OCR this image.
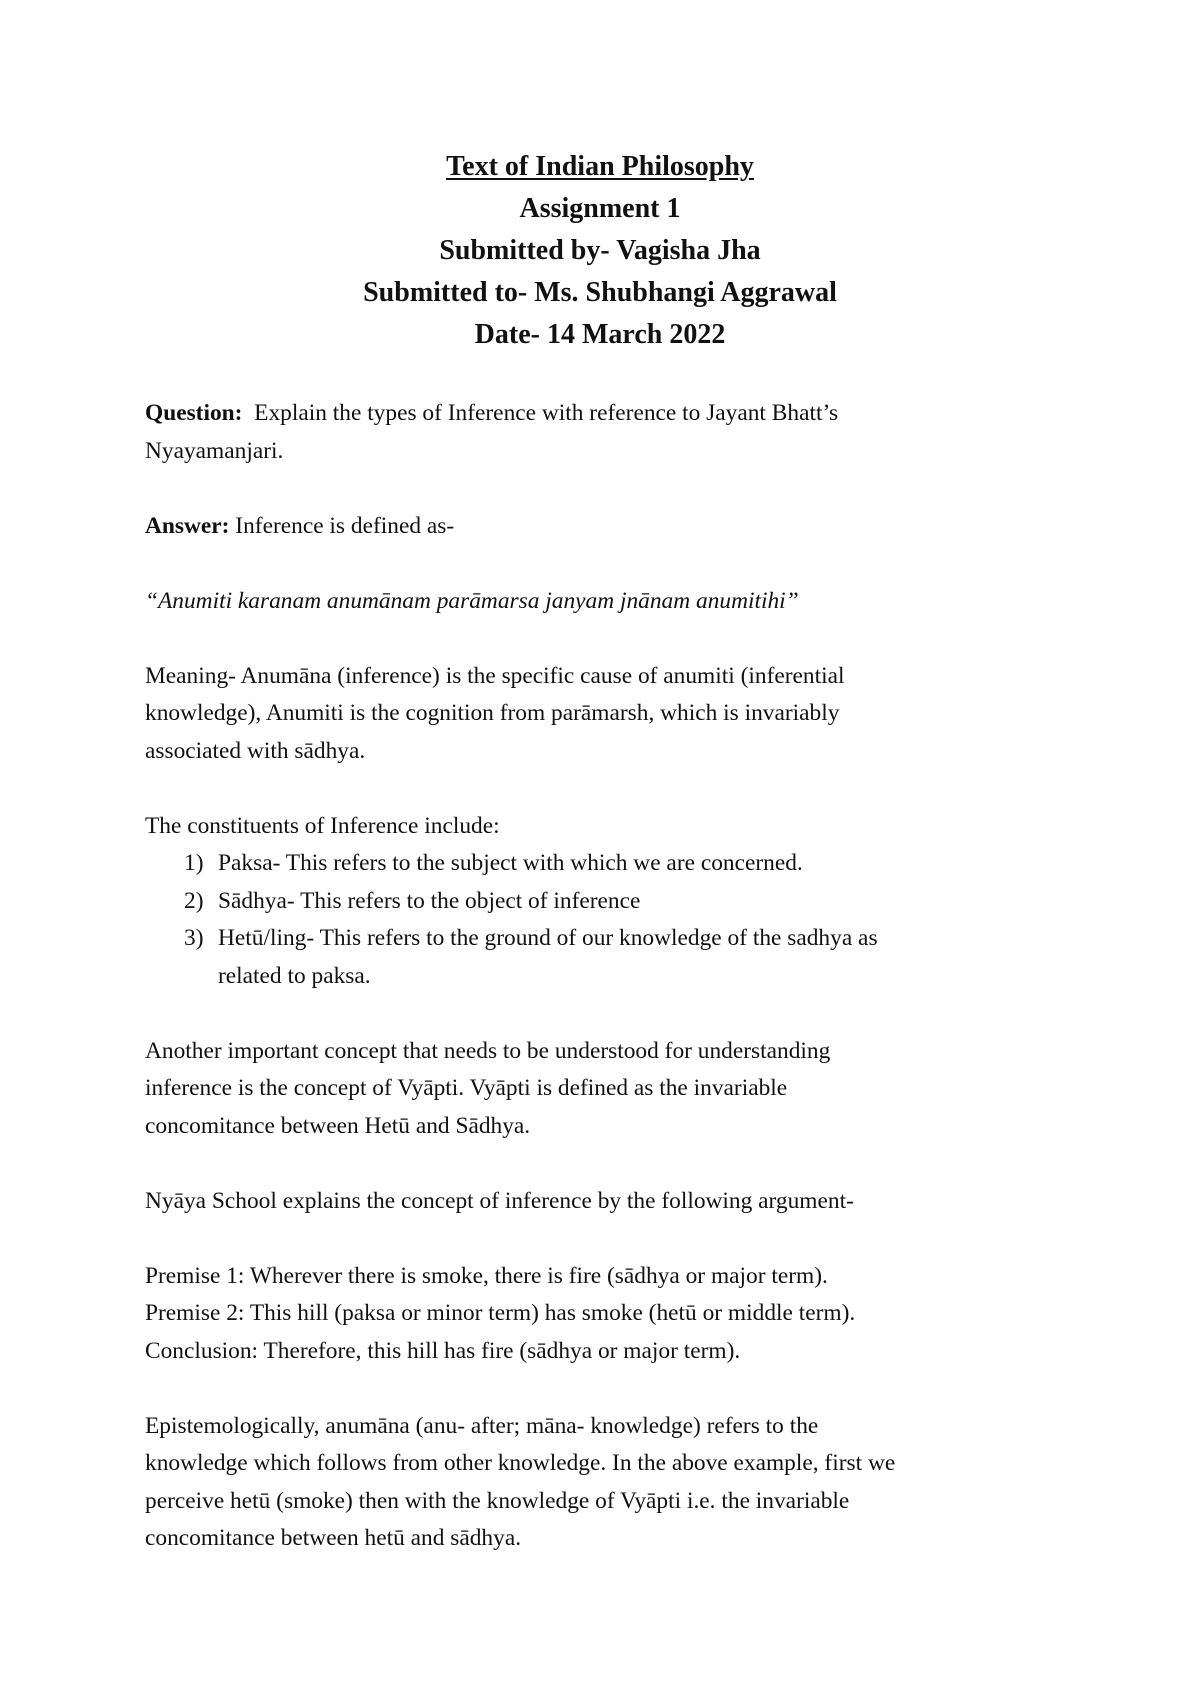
Text of Indian Philosophy
Assignment 1
Submitted by- Vagisha Jha
Submitted to- Ms. Shubhangi Aggrawal
Date- 14 March 2022
Question:  Explain the types of Inference with reference to Jayant Bhatt’s
Nyayamanjari.
Answer: Inference is defined as-
“Anumiti karanam anumānam parāmarsa janyam jnānam anumitihi”
Meaning- Anumāna (inference) is the specific cause of anumiti (inferential
knowledge), Anumiti is the cognition from parāmarsh, which is invariably
associated with sādhya.
The constituents of Inference include:
1) Paksa- This refers to the subject with which we are concerned.
2) Sādhya- This refers to the object of inference
3) Hetū/ling- This refers to the ground of our knowledge of the sadhya as
related to paksa.
Another important concept that needs to be understood for understanding
inference is the concept of Vyāpti. Vyāpti is defined as the invariable
concomitance between Hetū and Sādhya.
Nyāya School explains the concept of inference by the following argument-
Premise 1: Wherever there is smoke, there is fire (sādhya or major term).
Premise 2: This hill (paksa or minor term) has smoke (hetū or middle term).
Conclusion: Therefore, this hill has fire (sādhya or major term).
Epistemologically, anumāna (anu- after; māna- knowledge) refers to the
knowledge which follows from other knowledge. In the above example, first we
perceive hetū (smoke) then with the knowledge of Vyāpti i.e. the invariable
concomitance between hetū and sādhya.
